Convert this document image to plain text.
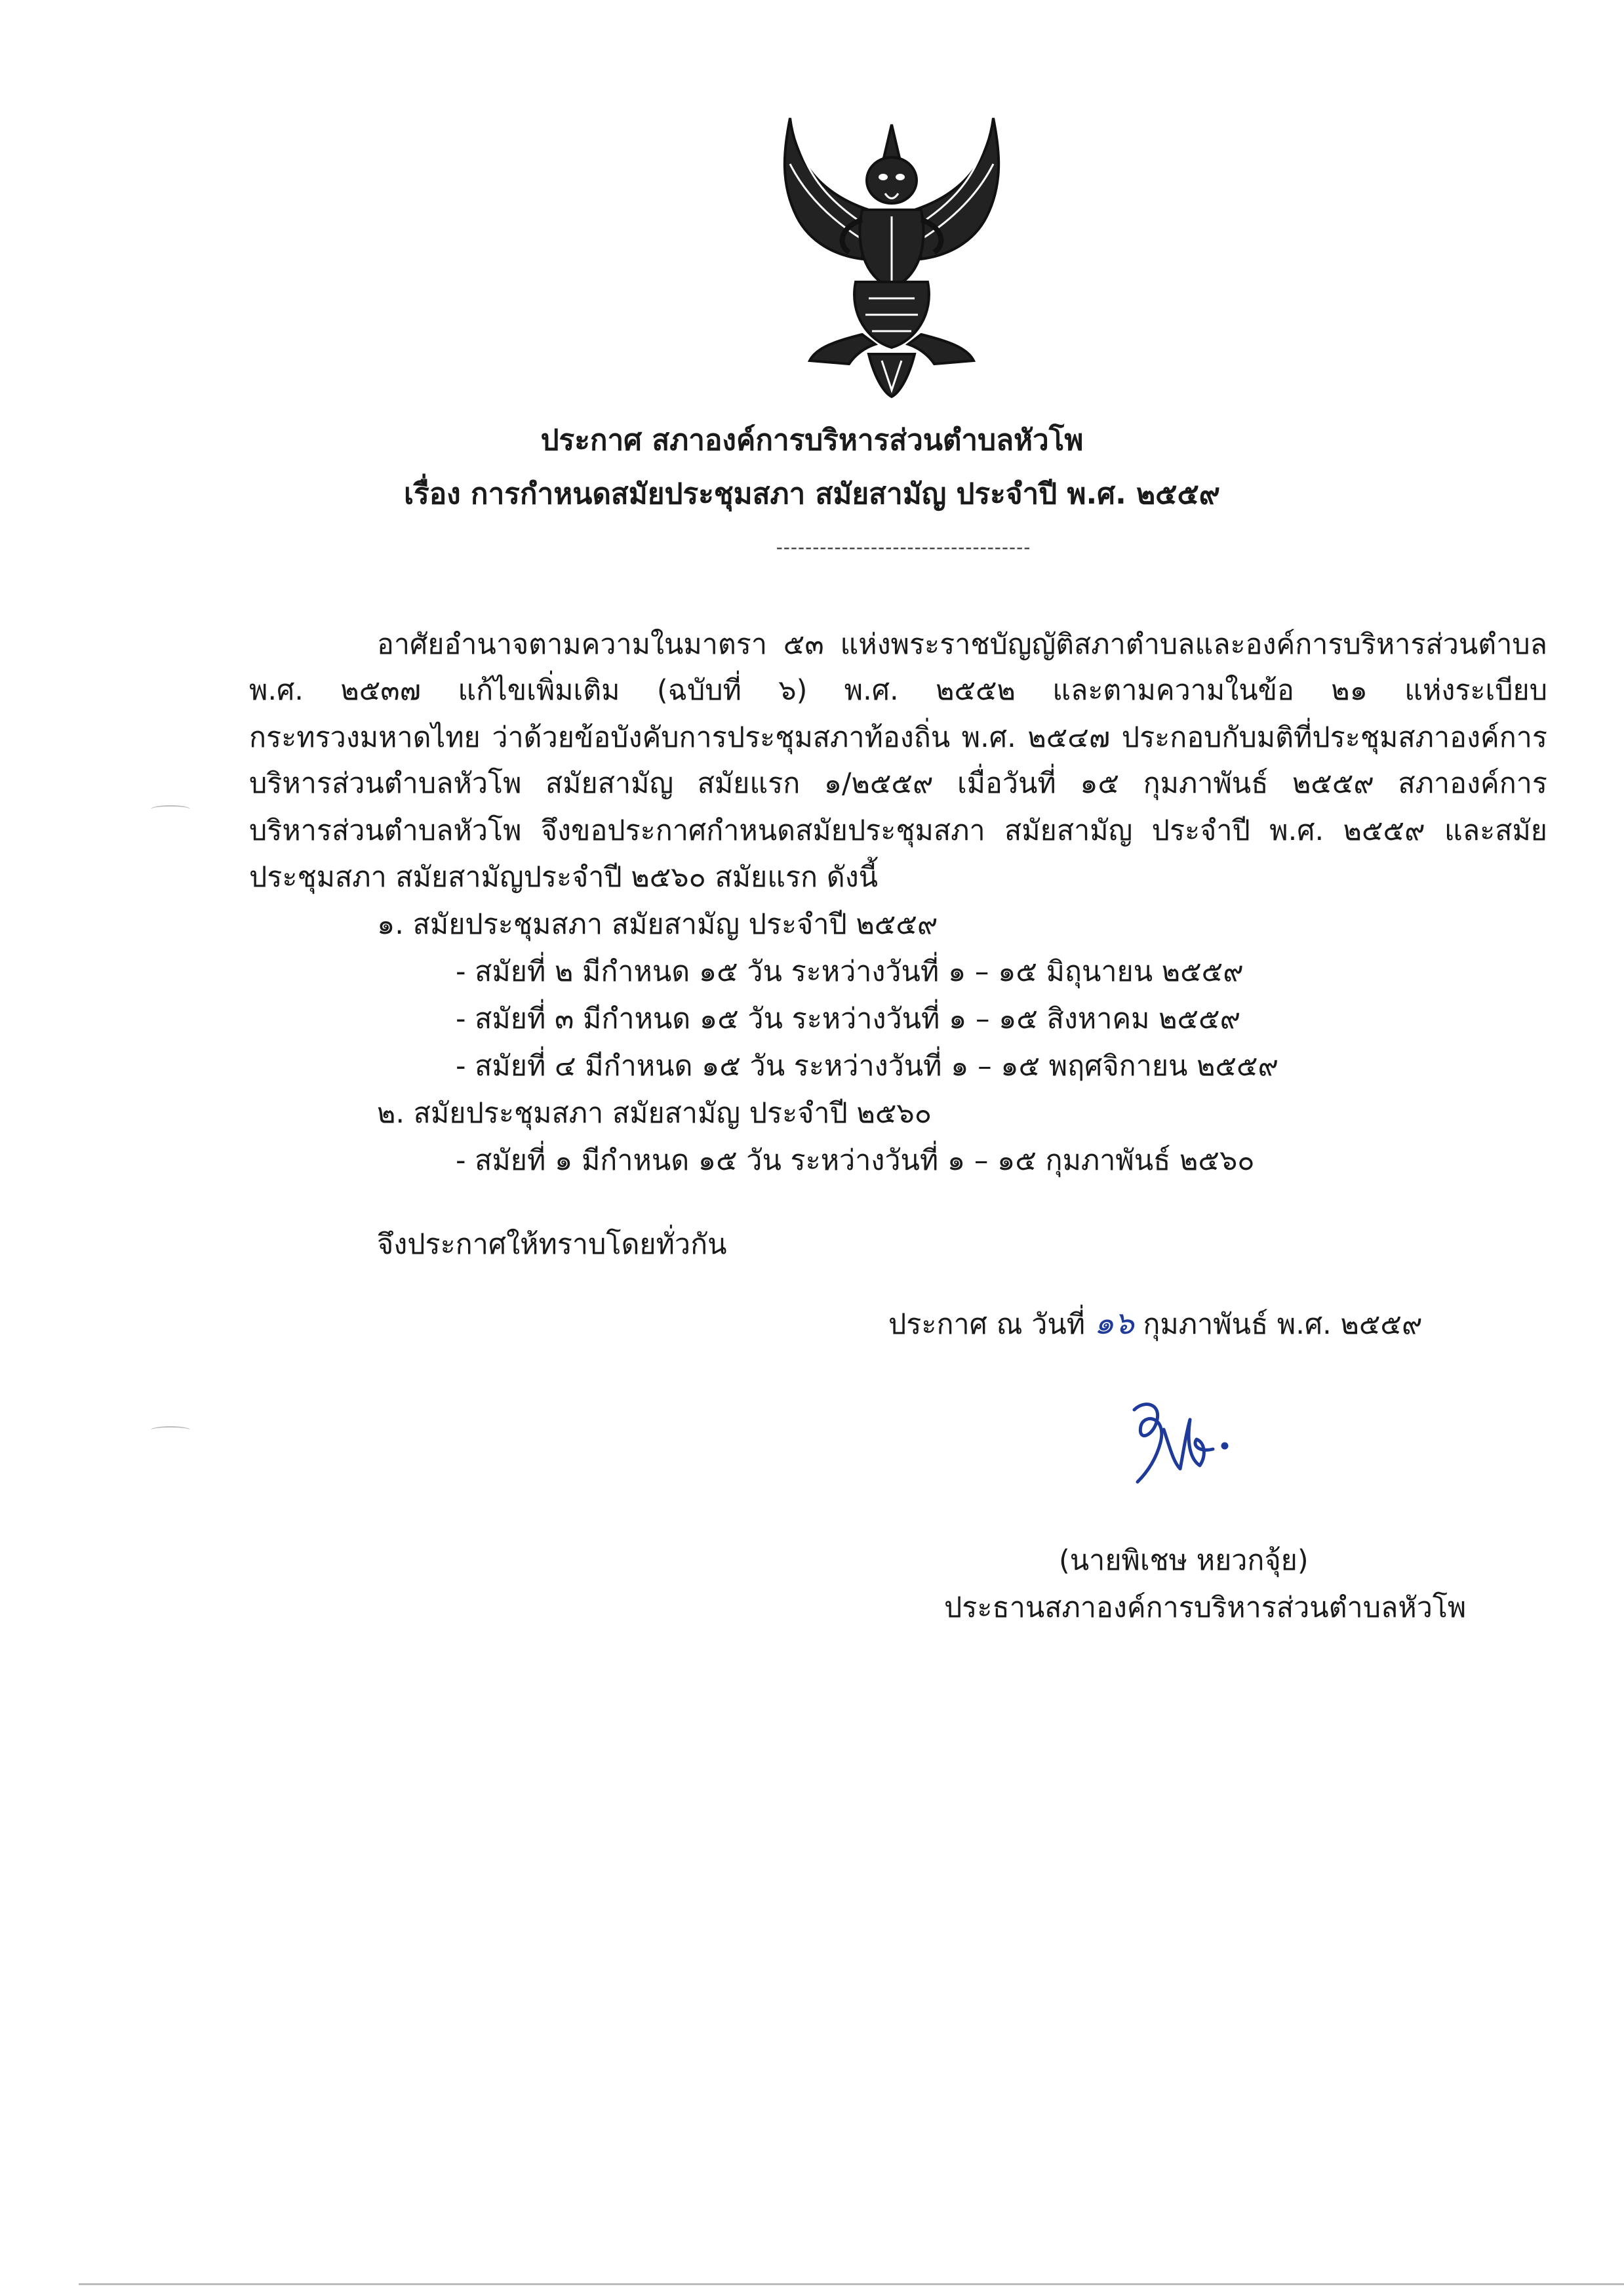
ประกาศ สภาองค์การบริหารส่วนตำบลหัวโพ
เรื่อง การกำหนดสมัยประชุมสภา สมัยสามัญ ประจำปี พ.ศ. ๒๕๕๙
-----------------------------------
อาศัยอำนาจตามความในมาตรา ๕๓ แห่งพระราชบัญญัติสภาตำบลและองค์การบริหารส่วนตำบล
พ.ศ. ๒๕๓๗ แก้ไขเพิ่มเติม (ฉบับที่ ๖) พ.ศ. ๒๕๕๒ และตามความในข้อ ๒๑ แห่งระเบียบ
กระทรวงมหาดไทย ว่าด้วยข้อบังคับการประชุมสภาท้องถิ่น พ.ศ. ๒๕๔๗ ประกอบกับมติที่ประชุมสภาองค์การ
บริหารส่วนตำบลหัวโพ สมัยสามัญ สมัยแรก ๑/๒๕๕๙ เมื่อวันที่ ๑๕ กุมภาพันธ์ ๒๕๕๙ สภาองค์การ
บริหารส่วนตำบลหัวโพ จึงขอประกาศกำหนดสมัยประชุมสภา สมัยสามัญ ประจำปี พ.ศ. ๒๕๕๙ และสมัย
ประชุมสภา สมัยสามัญประจำปี ๒๕๖๐ สมัยแรก ดังนี้
๑. สมัยประชุมสภา สมัยสามัญ ประจำปี ๒๕๕๙
- สมัยที่ ๒ มีกำหนด ๑๕ วัน ระหว่างวันที่ ๑ – ๑๕ มิถุนายน ๒๕๕๙
- สมัยที่ ๓ มีกำหนด ๑๕ วัน ระหว่างวันที่ ๑ – ๑๕ สิงหาคม ๒๕๕๙
- สมัยที่ ๔ มีกำหนด ๑๕ วัน ระหว่างวันที่ ๑ – ๑๕ พฤศจิกายน ๒๕๕๙
๒. สมัยประชุมสภา สมัยสามัญ ประจำปี ๒๕๖๐
- สมัยที่ ๑ มีกำหนด ๑๕ วัน ระหว่างวันที่ ๑ – ๑๕ กุมภาพันธ์ ๒๕๖๐
จึงประกาศให้ทราบโดยทั่วกัน
ประกาศ ณ วันที่ ๑๖ กุมภาพันธ์ พ.ศ. ๒๕๕๙
(นายพิเชษ หยวกจุ้ย)
ประธานสภาองค์การบริหารส่วนตำบลหัวโพ
